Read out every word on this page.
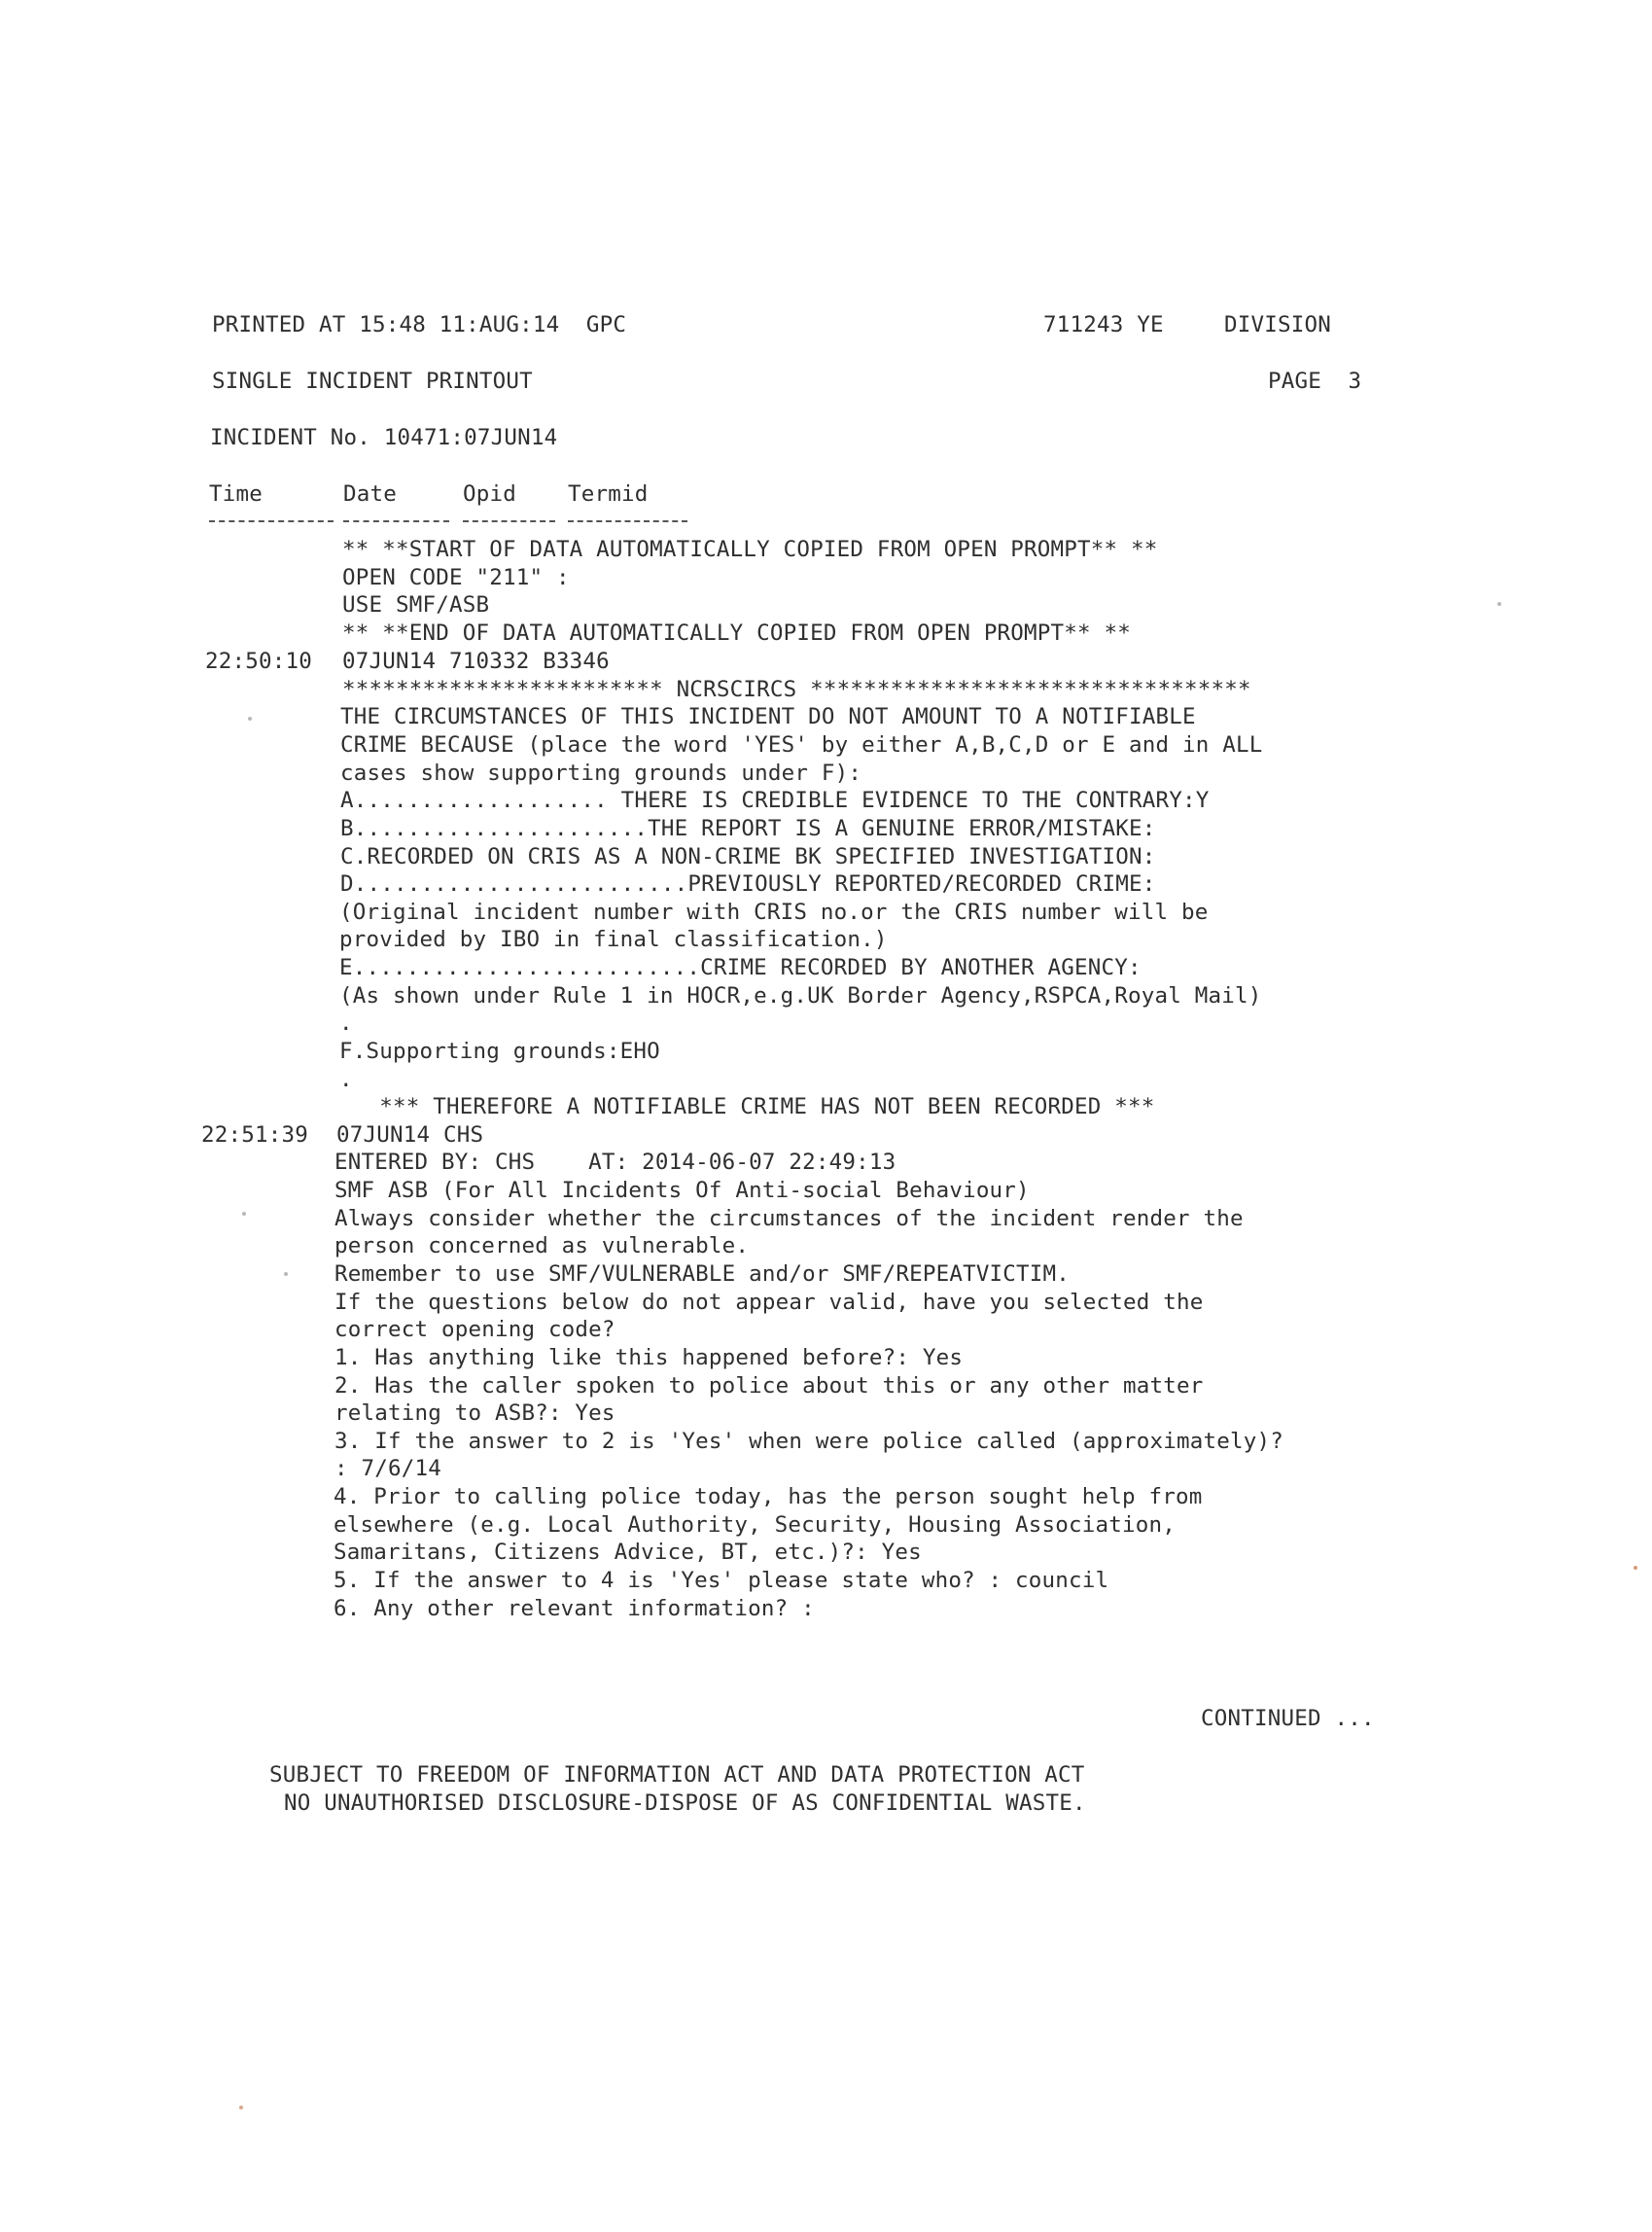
PRINTED AT 15:48 11:AUG:14  GPC	711243 YE	DIVISION
SINGLE INCIDENT PRINTOUT	PAGE  3
INCIDENT No. 10471:07JUN14
Time	Date	Opid Termid
** **START OF DATA AUTOMATICALLY COPIED FROM OPEN PROMPT** **
OPEN CODE "211" :
USE SMF/ASB
** **END OF DATA AUTOMATICALLY COPIED FROM OPEN PROMPT** **
22:50:10 07JUN14 710332 B3346
************************ NCRSCIRCS *********************************
THE CIRCUMSTANCES OF THIS INCIDENT DO NOT AMOUNT TO A NOTIFIABLE
CRIME BECAUSE (place the word 'YES' by either A,B,C,D or E and in ALL
cases show supporting grounds under F):
A................... THERE IS CREDIBLE EVIDENCE TO THE CONTRARY:Y
B......................THE REPORT IS A GENUINE ERROR/MISTAKE:
C.RECORDED ON CRIS AS A NON-CRIME BK SPECIFIED INVESTIGATION:
D.........................PREVIOUSLY REPORTED/RECORDED CRIME:
(Original incident number with CRIS no.or the CRIS number will be
provided by IBO in final classification.)
E..........................CRIME RECORDED BY ANOTHER AGENCY:
(As shown under Rule 1 in HOCR,e.g.UK Border Agency,RSPCA,Royal Mail)
.
F.Supporting grounds:EHO
.
*** THEREFORE A NOTIFIABLE CRIME HAS NOT BEEN RECORDED ***
22:51:39 07JUN14 CHS
ENTERED BY: CHS    AT: 2014-06-07 22:49:13
SMF ASB (For All Incidents Of Anti-social Behaviour)
Always consider whether the circumstances of the incident render the
person concerned as vulnerable.
Remember to use SMF/VULNERABLE and/or SMF/REPEATVICTIM.
If the questions below do not appear valid, have you selected the
correct opening code?
1. Has anything like this happened before?: Yes
2. Has the caller spoken to police about this or any other matter
relating to ASB?: Yes
3. If the answer to 2 is 'Yes' when were police called (approximately)?
: 7/6/14
4. Prior to calling police today, has the person sought help from
elsewhere (e.g. Local Authority, Security, Housing Association,
Samaritans, Citizens Advice, BT, etc.)?: Yes
5. If the answer to 4 is 'Yes' please state who? : council
6. Any other relevant information? :
CONTINUED ...
SUBJECT TO FREEDOM OF INFORMATION ACT AND DATA PROTECTION ACT
NO UNAUTHORISED DISCLOSURE-DISPOSE OF AS CONFIDENTIAL WASTE.
